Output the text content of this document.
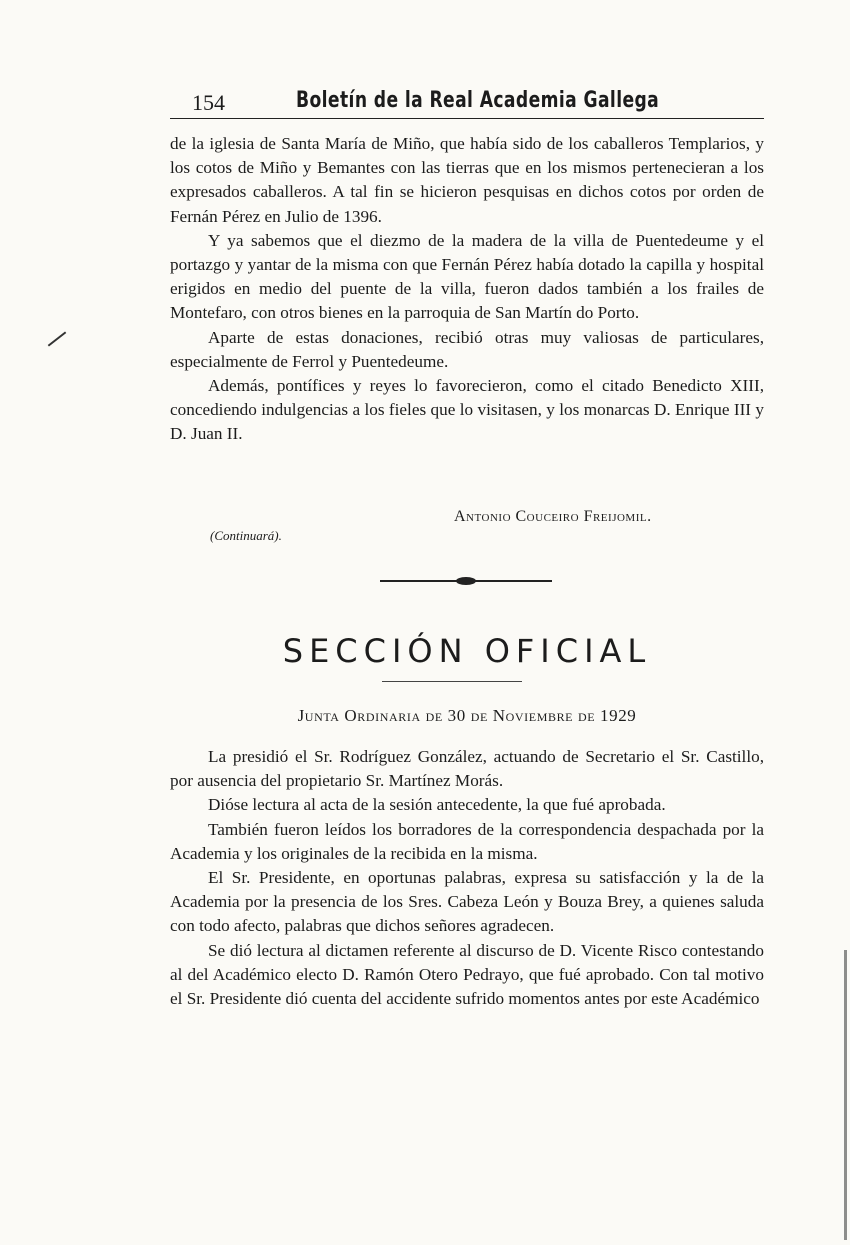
154	Boletín de la Real Academia Gallega

de la iglesia de Santa María de Miño, que había sido de los caballeros Templarios, y los cotos de Miño y Bemantes con las tierras que en los mismos pertenecieran a los expresados caballeros. A tal fin se hicieron pesquisas en dichos cotos por orden de Fernán Pérez en Julio de 1396.

Y ya sabemos que el diezmo de la madera de la villa de Puentedeume y el portazgo y yantar de la misma con que Fernán Pérez había dotado la capilla y hospital erigidos en medio del puente de la villa, fueron dados también a los frailes de Montefaro, con otros bienes en la parroquia de San Martín do Porto.

Aparte de estas donaciones, recibió otras muy valiosas de particulares, especialmente de Ferrol y Puentedeume.

Además, pontífices y reyes lo favorecieron, como el citado Benedicto XIII, concediendo indulgencias a los fieles que lo visitasen, y los monarcas D. Enrique III y D. Juan II.

Antonio Couceiro Freijomil.
(Continuará).
SECCIÓN OFICIAL
Junta Ordinaria de 30 de Noviembre de 1929

La presidió el Sr. Rodríguez González, actuando de Secretario el Sr. Castillo, por ausencia del propietario Sr. Martínez Morás.

Dióse lectura al acta de la sesión antecedente, la que fué aprobada.

También fueron leídos los borradores de la correspondencia despachada por la Academia y los originales de la recibida en la misma.

El Sr. Presidente, en oportunas palabras, expresa su satisfacción y la de la Academia por la presencia de los Sres. Cabeza León y Bouza Brey, a quienes saluda con todo afecto, palabras que dichos señores agradecen.

Se dió lectura al dictamen referente al discurso de D. Vicente Risco contestando al del Académico electo D. Ramón Otero Pedrayo, que fué aprobado. Con tal motivo el Sr. Presidente dió cuenta del accidente sufrido momentos antes por este Académico
